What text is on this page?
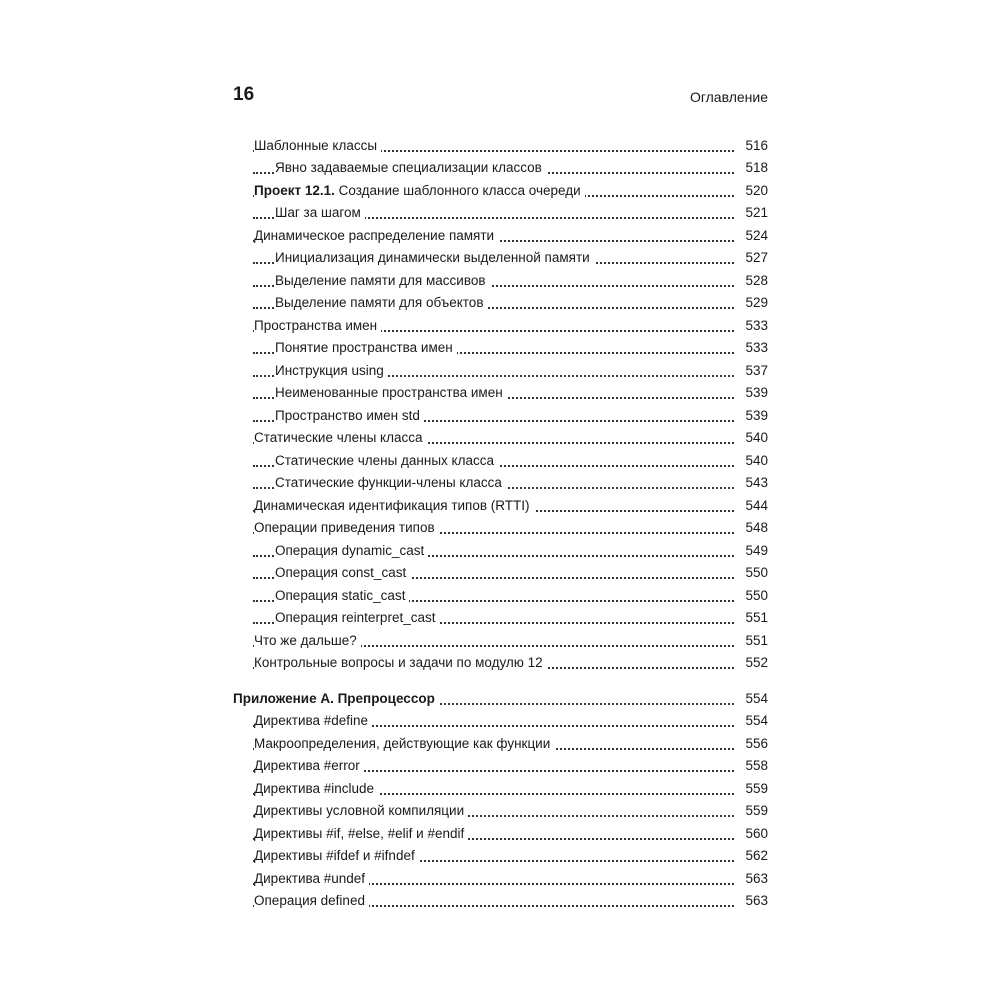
16	Оглавление
Шаблонные классы	516
Явно задаваемые специализации классов	518
Проект 12.1. Создание шаблонного класса очереди	520
Шаг за шагом	521
Динамическое распределение памяти	524
Инициализация динамически выделенной памяти	527
Выделение памяти для массивов	528
Выделение памяти для объектов	529
Пространства имен	533
Понятие пространства имен	533
Инструкция using	537
Неименованные пространства имен	539
Пространство имен std	539
Статические члены класса	540
Статические члены данных класса	540
Статические функции-члены класса	543
Динамическая идентификация типов (RTTI)	544
Операции приведения типов	548
Операция dynamic_cast	549
Операция const_cast	550
Операция static_cast	550
Операция reinterpret_cast	551
Что же дальше?	551
Контрольные вопросы и задачи по модулю 12	552
Приложение А. Препроцессор	554
Директива #define	554
Макроопределения, действующие как функции	556
Директива #error	558
Директива #include	559
Директивы условной компиляции	559
Директивы #if, #else, #elif и #endif	560
Директивы #ifdef и #ifndef	562
Директива #undef	563
Операция defined	563
